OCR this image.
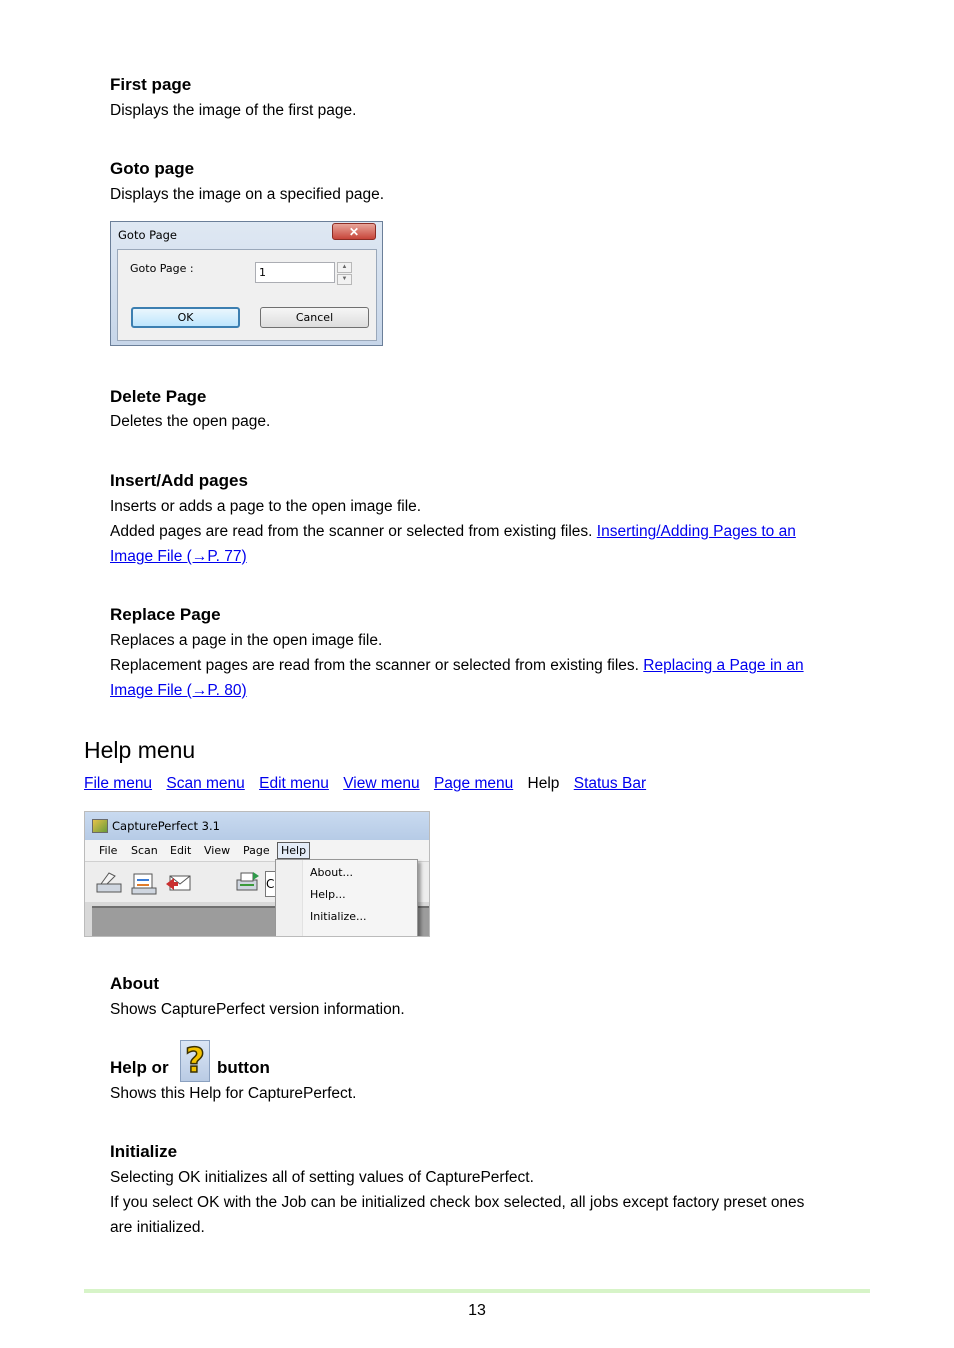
First page

Displays the image of the first page.

Goto page

Displays the image on a specified page.

Goto Page	✕
Goto Page :	1	▲
▼
OK	Cancel
Delete Page

Deletes the open page.

Insert/Add pages

Inserts or adds a page to the open image file.

Added pages are read from the scanner or selected from existing files. Inserting/Adding Pages to an

Image File (→P. 77)

Replace Page

Replaces a page in the open image file.

Replacement pages are read from the scanner or selected from existing files. Replacing a Page in an

Image File (→P. 80)

Help menu
File menu Scan menu Edit menu View menu Page menu Help Status Bar
CapturePerfect 3.1
File Scan Edit View Page	Help
C
About...
Help...
Initialize...
About

Shows CapturePerfect version information.

Help or ? button

Shows this Help for CapturePerfect.

Initialize

Selecting OK initializes all of setting values of CapturePerfect.

If you select OK with the Job can be initialized check box selected, all jobs except factory preset ones

are initialized.

13
